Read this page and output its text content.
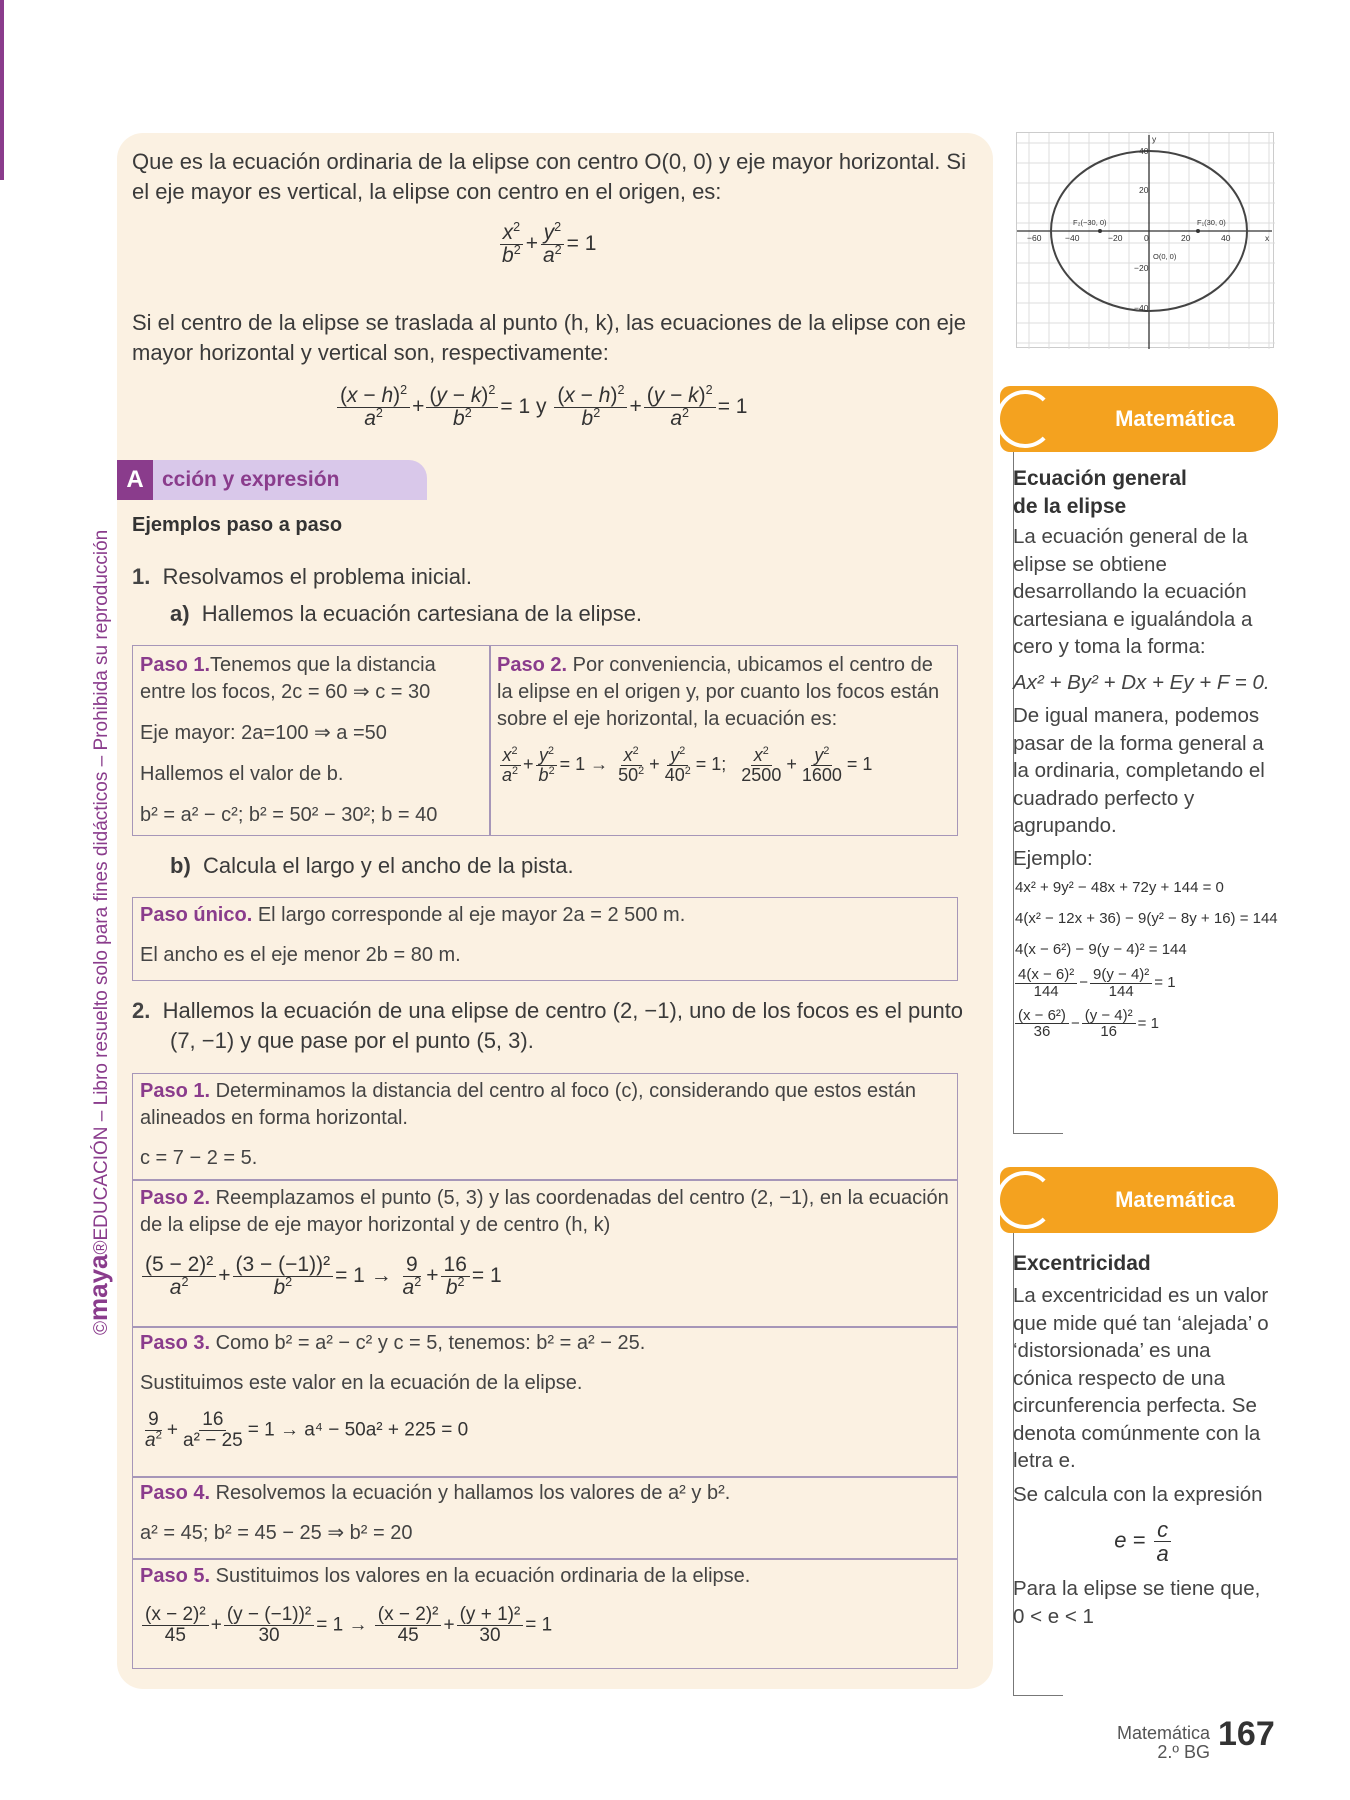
©maya®EDUCACIÓN – Libro resuelto solo para fines didácticos – Prohibida su reproducción
Que es la ecuación ordinaria de la elipse con centro O(0, 0) y eje mayor horizontal. Si el eje mayor es vertical, la elipse con centro en el origen, es:
$\frac{x^2}{b^2} + \frac{y^2}{a^2} = 1$
Si el centro de la elipse se traslada al punto (h, k), las ecuaciones de la elipse con eje mayor horizontal y vertical son, respectivamente:
$\frac{(x - h)^2}{a^2} + \frac{(y - k)^2}{b^2} = 1$ y $\frac{(x - h)^2}{b^2} + \frac{(y - k)^2}{a^2} = 1$
A cción y expresión
Ejemplos paso a paso
1. Resolvamos el problema inicial.
a) Hallemos la ecuación cartesiana de la elipse.
Paso 1.Tenemos que la distancia
entre los focos, 2c = 60 ⇒ c = 30
Eje mayor: 2a=100 ⇒ a =50
Hallemos el valor de b.
b² = a² − c²; b² = 50² − 30²; b = 40
Paso 2. Por conveniencia, ubicamos el centro de la elipse en el origen y, por cuanto los focos están sobre el eje horizontal, la ecuación es:
$\frac{x^2}{a^2} + \frac{y^2}{b^2} = 1 \to \frac{x^2}{50^2} + \frac{y^2}{40^2} = 1$; $\frac{x^2}{2500} + \frac{y^2}{1600} = 1$
b) Calcula el largo y el ancho de la pista.
Paso único. El largo corresponde al eje mayor 2a = 2 500 m.
El ancho es el eje menor 2b = 80 m.
2. Hallemos la ecuación de una elipse de centro (2, −1), uno de los focos es el punto (7, −1) y que pase por el punto (5, 3).
Paso 1. Determinamos la distancia del centro al foco (c), considerando que estos están alineados en forma horizontal.
c = 7 − 2 = 5.
Paso 2. Reemplazamos el punto (5, 3) y las coordenadas del centro (2, −1), en la ecuación de la elipse de eje mayor horizontal y de centro (h, k)
$\frac{\text{(5 − 2)²}}{a^2} + \frac{\text{(3 − (−1))²}}{b^2} = 1 \to \frac{9}{a^2} + \frac{16}{b^2} = 1$
Paso 3. Como b² = a² − c² y c = 5, tenemos: b² = a² − 25.
Sustituimos este valor en la ecuación de la elipse.
$\frac{9}{a^2} + \frac{16}{\text{a² − 25}} = 1 \to a^4 - 50a^2 + 225 = 0$
Paso 4. Resolvemos la ecuación y hallamos los valores de a² y b².
a² = 45; b² = 45 − 25 ⇒ b² = 20
Paso 5. Sustituimos los valores en la ecuación ordinaria de la elipse.
$\frac{\text{(x − 2)²}}{45} + \frac{\text{(y − (−1))²}}{30} = 1 \to \frac{\text{(x − 2)²}}{45} + \frac{\text{(y + 1)²}}{30} = 1$
y
x
−60	−40	−20	0	20	40
40
20
−20
−40
F₂(−30, 0)	F₁(30, 0)
O(0, 0)
Matemática
Ecuación general de la elipse
La ecuación general de la elipse se obtiene desarrollando la ecuación cartesiana e igualándola a cero y toma la forma:
Ax² + By² + Dx + Ey + F = 0.
De igual manera, podemos pasar de la forma general a la ordinaria, completando el cuadrado perfecto y agrupando.
Ejemplo:
4x² + 9y² − 48x + 72y + 144 = 0
4(x² − 12x + 36) − 9(y² − 8y + 16) = 144
4(x − 6²) − 9(y − 4)² = 144
$\frac{\text{4(x − 6)²}}{144} - \frac{\text{9(y − 4)²}}{144} = 1$
$\frac{\text{(x − 6²)}}{36} - \frac{\text{(y − 4)²}}{16} = 1$
Matemática
Excentricidad
La excentricidad es un valor que mide qué tan ‘alejada’ o ‘distorsionada’ es una cónica respecto de una circunferencia perfecta. Se denota comúnmente con la letra e.
Se calcula con la expresión
$e = \frac{c}{a}$
Para la elipse se tiene que,
0 < e < 1
Matemática
2.º BG 167
